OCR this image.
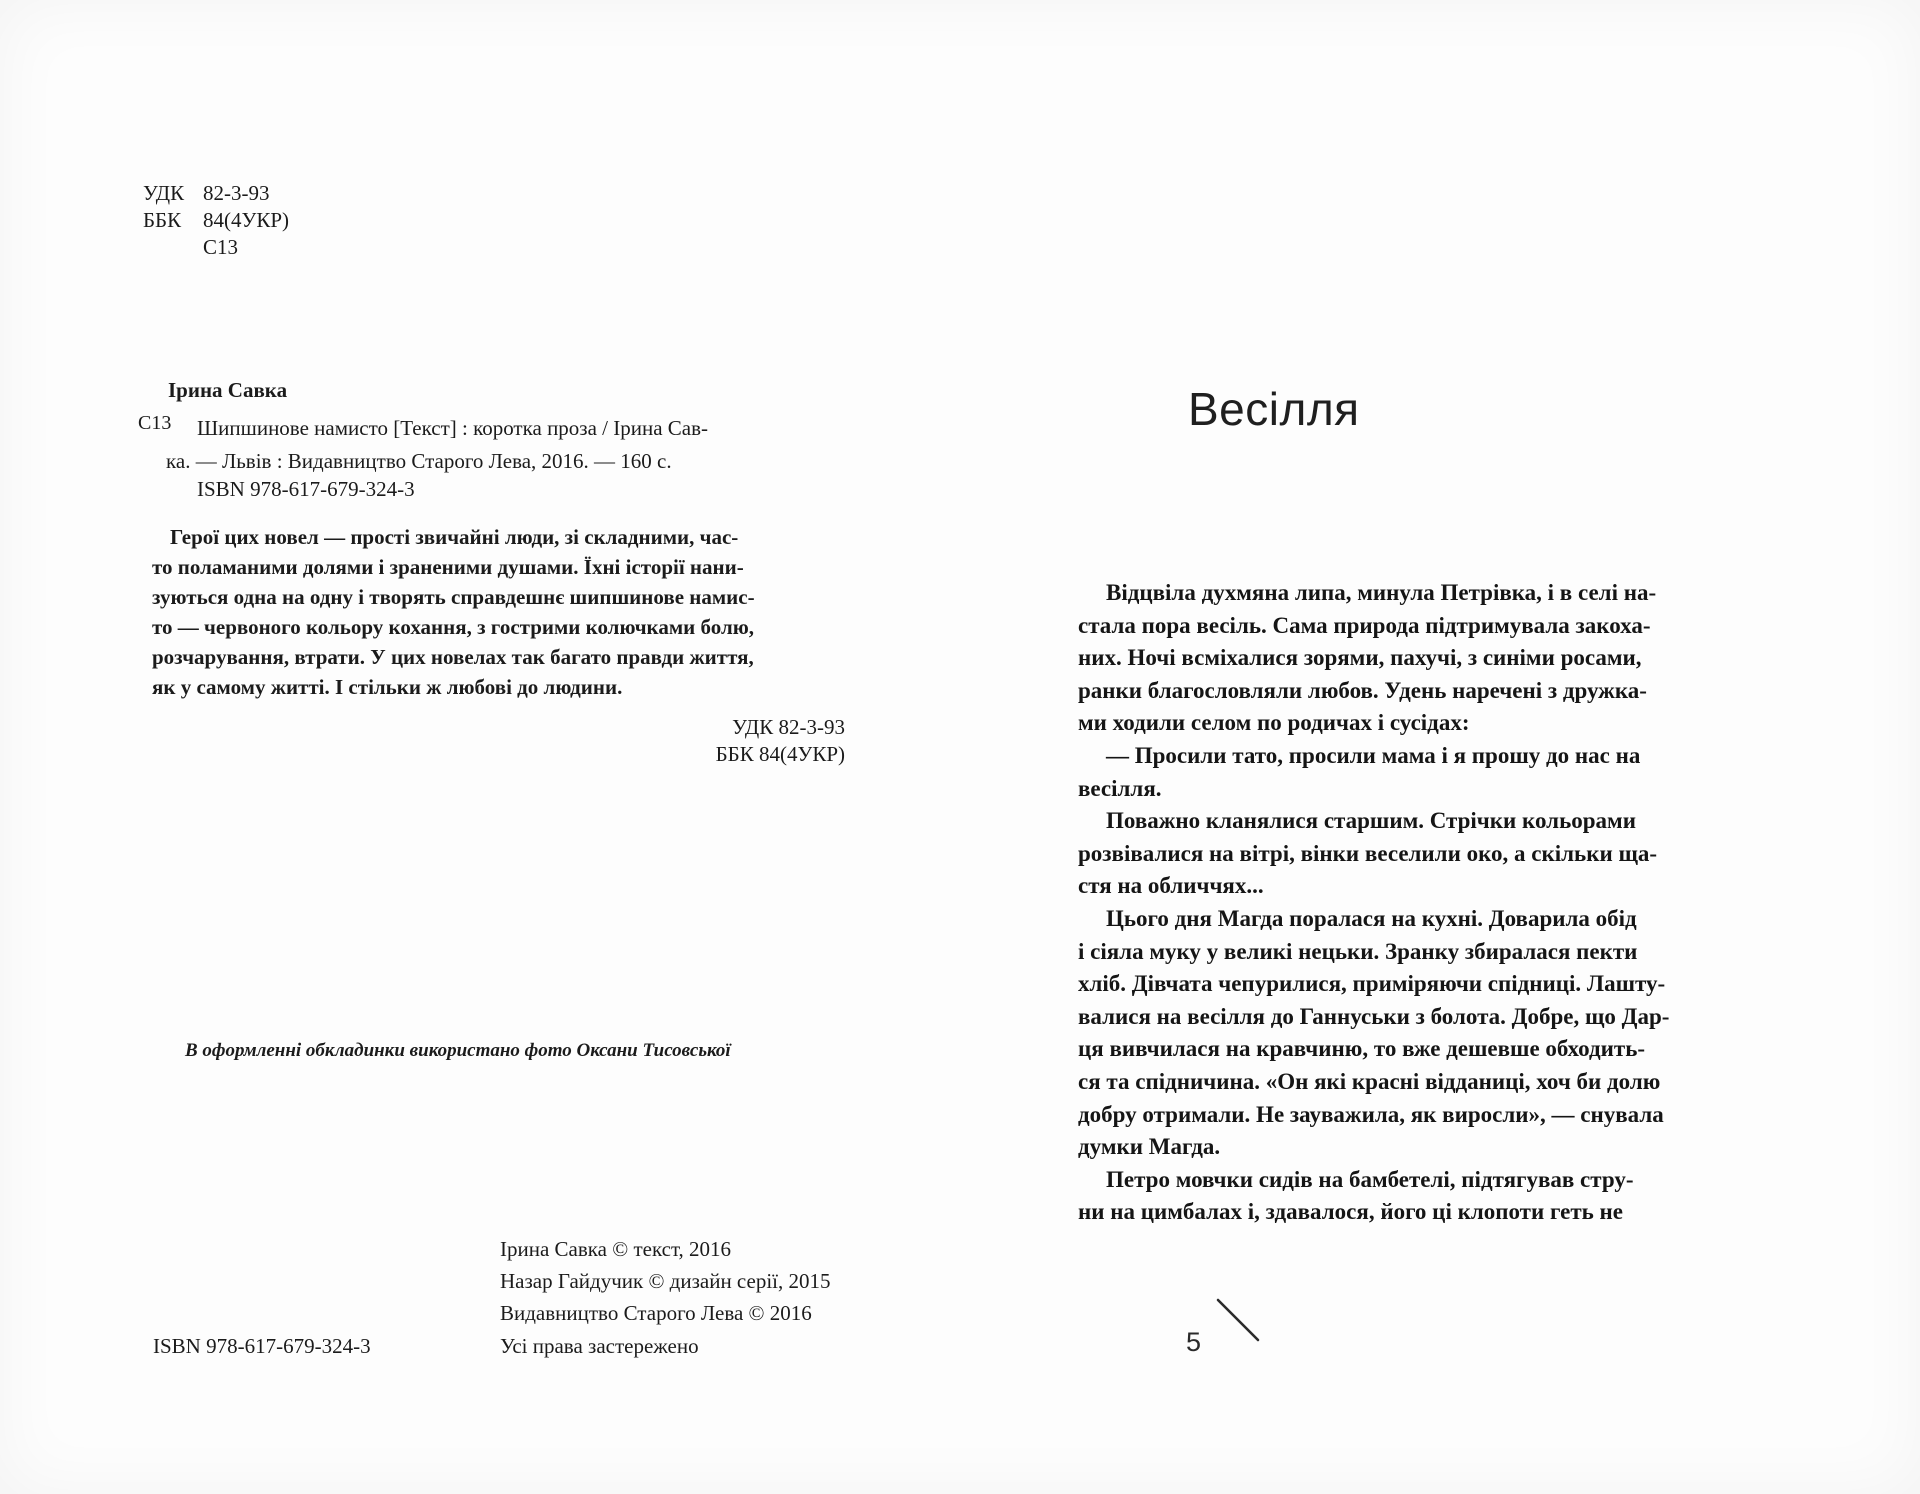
УДК 82-3-93
ББК 84(4УКР)
С13
Ірина Савка
С13	Шипшинове намисто [Текст] : коротка проза / Ірина Сав-
ка. — Львів : Видавництво Старого Лева, 2016. — 160 с.
ISBN 978-617-679-324-3
Герої цих новел — прості звичайні люди, зі складними, час-
то поламаними долями і зраненими душами. Їхні історії нани-
зуються одна на одну і творять справдешнє шипшинове намис-
то — червоного кольору кохання, з гострими колючками болю,
розчарування, втрати. У цих новелах так багато правди життя,
як у самому житті. І стільки ж любові до людини.
УДК 82-3-93
ББК 84(4УКР)
В оформленні обкладинки використано фото Оксани Тисовської
Ірина Савка © текст, 2016
Назар Гайдучик © дизайн серії, 2015
Видавництво Старого Лева © 2016
ISBN 978-617-679-324-3	Усі права застережено
Весілля

Відцвіла духмяна липа, минула Петрівка, і в селі на-
стала пора весіль. Сама природа підтримувала закоха-
них. Ночі всміхалися зорями, пахучі, з синіми росами,
ранки благословляли любов. Удень наречені з дружка-
ми ходили селом по родичах і сусідах:

— Просили тато, просили мама і я прошу до нас на
весілля.

Поважно кланялися старшим. Стрічки кольорами
розвівалися на вітрі, вінки веселили око, а скільки ща-
стя на обличчях...

Цього дня Магда поралася на кухні. Доварила обід
і сіяла муку у великі нецьки. Зранку збиралася пекти
хліб. Дівчата чепурилися, приміряючи спідниці. Лашту-
валися на весілля до Ганнуськи з болота. Добре, що Дар-
ця вивчилася на кравчиню, то вже дешевше обходить-
ся та спідничина. «Он які красні відданиці, хоч би долю
добру отримали. Не зауважила, як виросли», — снувала
думки Магда.

Петро мовчки сидів на бамбетелі, підтягував стру-
ни на цимбалах і, здавалося, його ці клопоти геть не

5
